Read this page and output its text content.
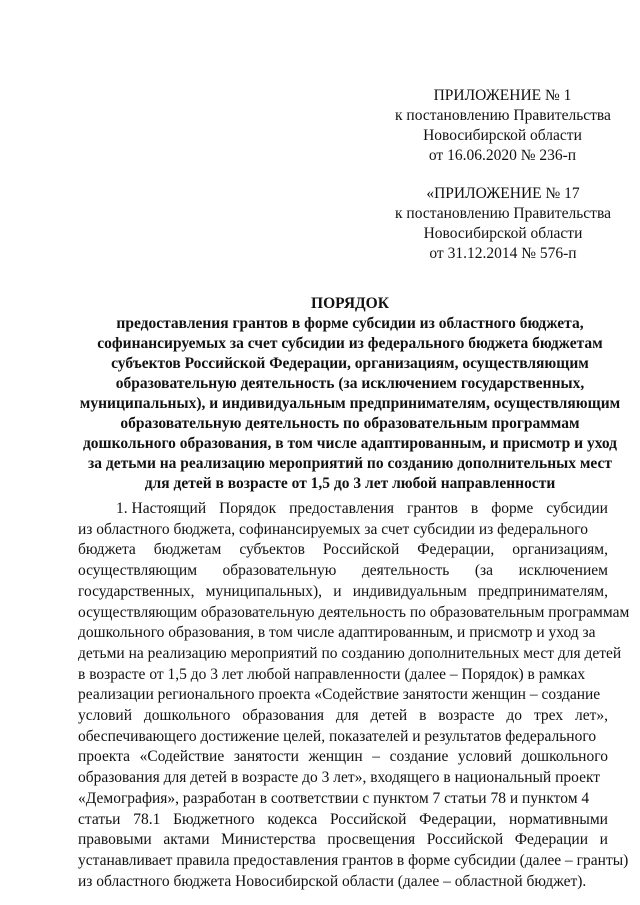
ПРИЛОЖЕНИЕ № 1
к постановлению Правительства
Новосибирской области
от 16.06.2020 № 236-п
«ПРИЛОЖЕНИЕ № 17
к постановлению Правительства
Новосибирской области
от 31.12.2014 № 576-п
ПОРЯДОК
предоставления грантов в форме субсидии из областного бюджета,
софинансируемых за счет субсидии из федерального бюджета бюджетам
субъектов Российской Федерации, организациям, осуществляющим
образовательную деятельность (за исключением государственных,
муниципальных), и индивидуальным предпринимателям, осуществляющим
образовательную деятельность по образовательным программам
дошкольного образования, в том числе адаптированным, и присмотр и уход
за детьми на реализацию мероприятий по созданию дополнительных мест
для детей в возрасте от 1,5 до 3 лет любой направленности
1. Настоящий Порядок предоставления грантов в форме субсидии
из областного бюджета, софинансируемых за счет субсидии из федерального
бюджета бюджетам субъектов Российской Федерации, организациям,
осуществляющим образовательную деятельность (за исключением
государственных, муниципальных), и индивидуальным предпринимателям,
осуществляющим образовательную деятельность по образовательным программам
дошкольного образования, в том числе адаптированным, и присмотр и уход за
детьми на реализацию мероприятий по созданию дополнительных мест для детей
в возрасте от 1,5 до 3 лет любой направленности (далее – Порядок) в рамках
реализации регионального проекта «Содействие занятости женщин – создание
условий дошкольного образования для детей в возрасте до трех лет»,
обеспечивающего достижение целей, показателей и результатов федерального
проекта «Содействие занятости женщин – создание условий дошкольного
образования для детей в возрасте до 3 лет», входящего в национальный проект
«Демография», разработан в соответствии с пунктом 7 статьи 78 и пунктом 4
статьи 78.1 Бюджетного кодекса Российской Федерации, нормативными
правовыми актами Министерства просвещения Российской Федерации и
устанавливает правила предоставления грантов в форме субсидии (далее – гранты)
из областного бюджета Новосибирской области (далее – областной бюджет).
